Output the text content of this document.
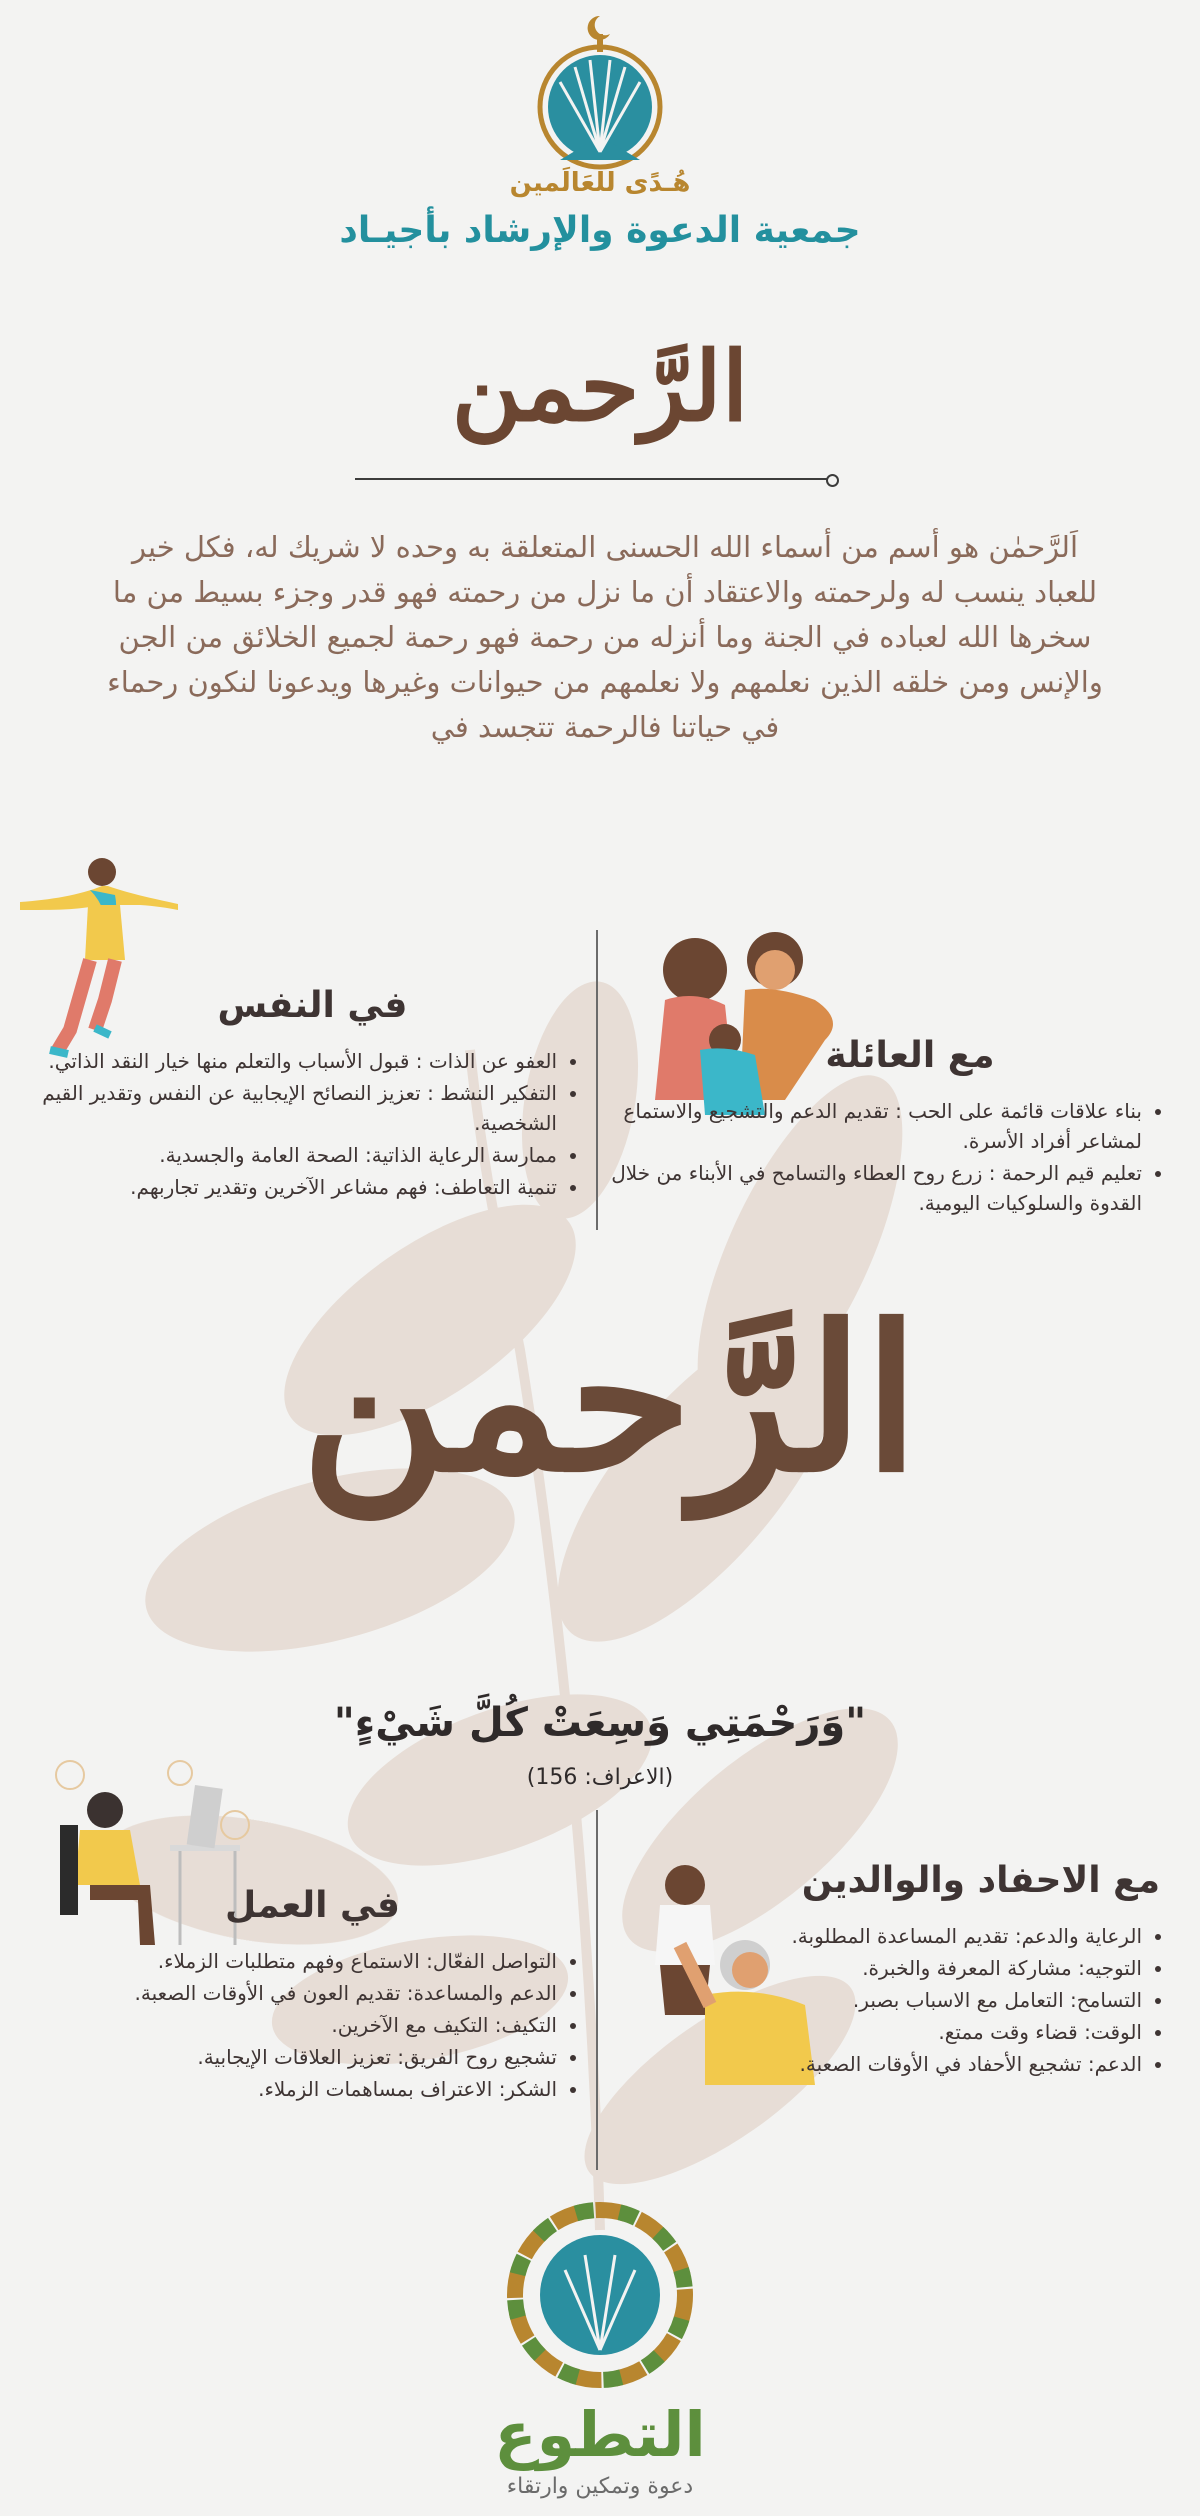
هُـدًى للعَالَمين
جمعية الدعوة والإرشاد بأجيـاد
الرَّحمن
اَلرَّحمٰن هو أسم من أسماء الله الحسنى المتعلقة به وحده لا شريك له، فكل خير للعباد ينسب له ولرحمته والاعتقاد أن ما نزل من رحمته فهو قدر وجزء بسيط من ما سخرها الله لعباده في الجنة وما أنزله من رحمة فهو رحمة لجميع الخلائق من الجن والإنس ومن خلقه الذين نعلمهم ولا نعلمهم من حيوانات وغيرها ويدعونا لنكون رحماء في حياتنا فالرحمة تتجسد في
في النفس
• العفو عن الذات : قبول الأسباب والتعلم منها خيار النقد الذاتي.
• التفكير النشط : تعزيز النصائح الإيجابية عن النفس وتقدير القيم الشخصية.
• ممارسة الرعاية الذاتية: الصحة العامة والجسدية.
• تنمية التعاطف: فهم مشاعر الآخرين وتقدير تجاربهم.
مع العائلة
• بناء علاقات قائمة على الحب : تقديم الدعم والتشجيع والاستماع لمشاعر أفراد الأسرة.
• تعليم قيم الرحمة : زرع روح العطاء والتسامح في الأبناء من خلال القدوة والسلوكيات اليومية.
الرَّحمن
"وَرَحْمَتِي وَسِعَتْ كُلَّ شَيْءٍ"
(الاعراف: 156)
في العمل
• التواصل الفعّال: الاستماع وفهم متطلبات الزملاء.
• الدعم والمساعدة: تقديم العون في الأوقات الصعبة.
• التكيف: التكيف مع الآخرين.
• تشجيع روح الفريق: تعزيز العلاقات الإيجابية.
• الشكر: الاعتراف بمساهمات الزملاء.
مع الاحفاد والوالدين
• الرعاية والدعم: تقديم المساعدة المطلوبة.
• التوجيه: مشاركة المعرفة والخبرة.
• التسامح: التعامل مع الاسباب بصبر.
• الوقت: قضاء وقت ممتع.
• الدعم: تشجيع الأحفاد في الأوقات الصعبة.
التطوع
دعوة وتمكين وارتقاء
